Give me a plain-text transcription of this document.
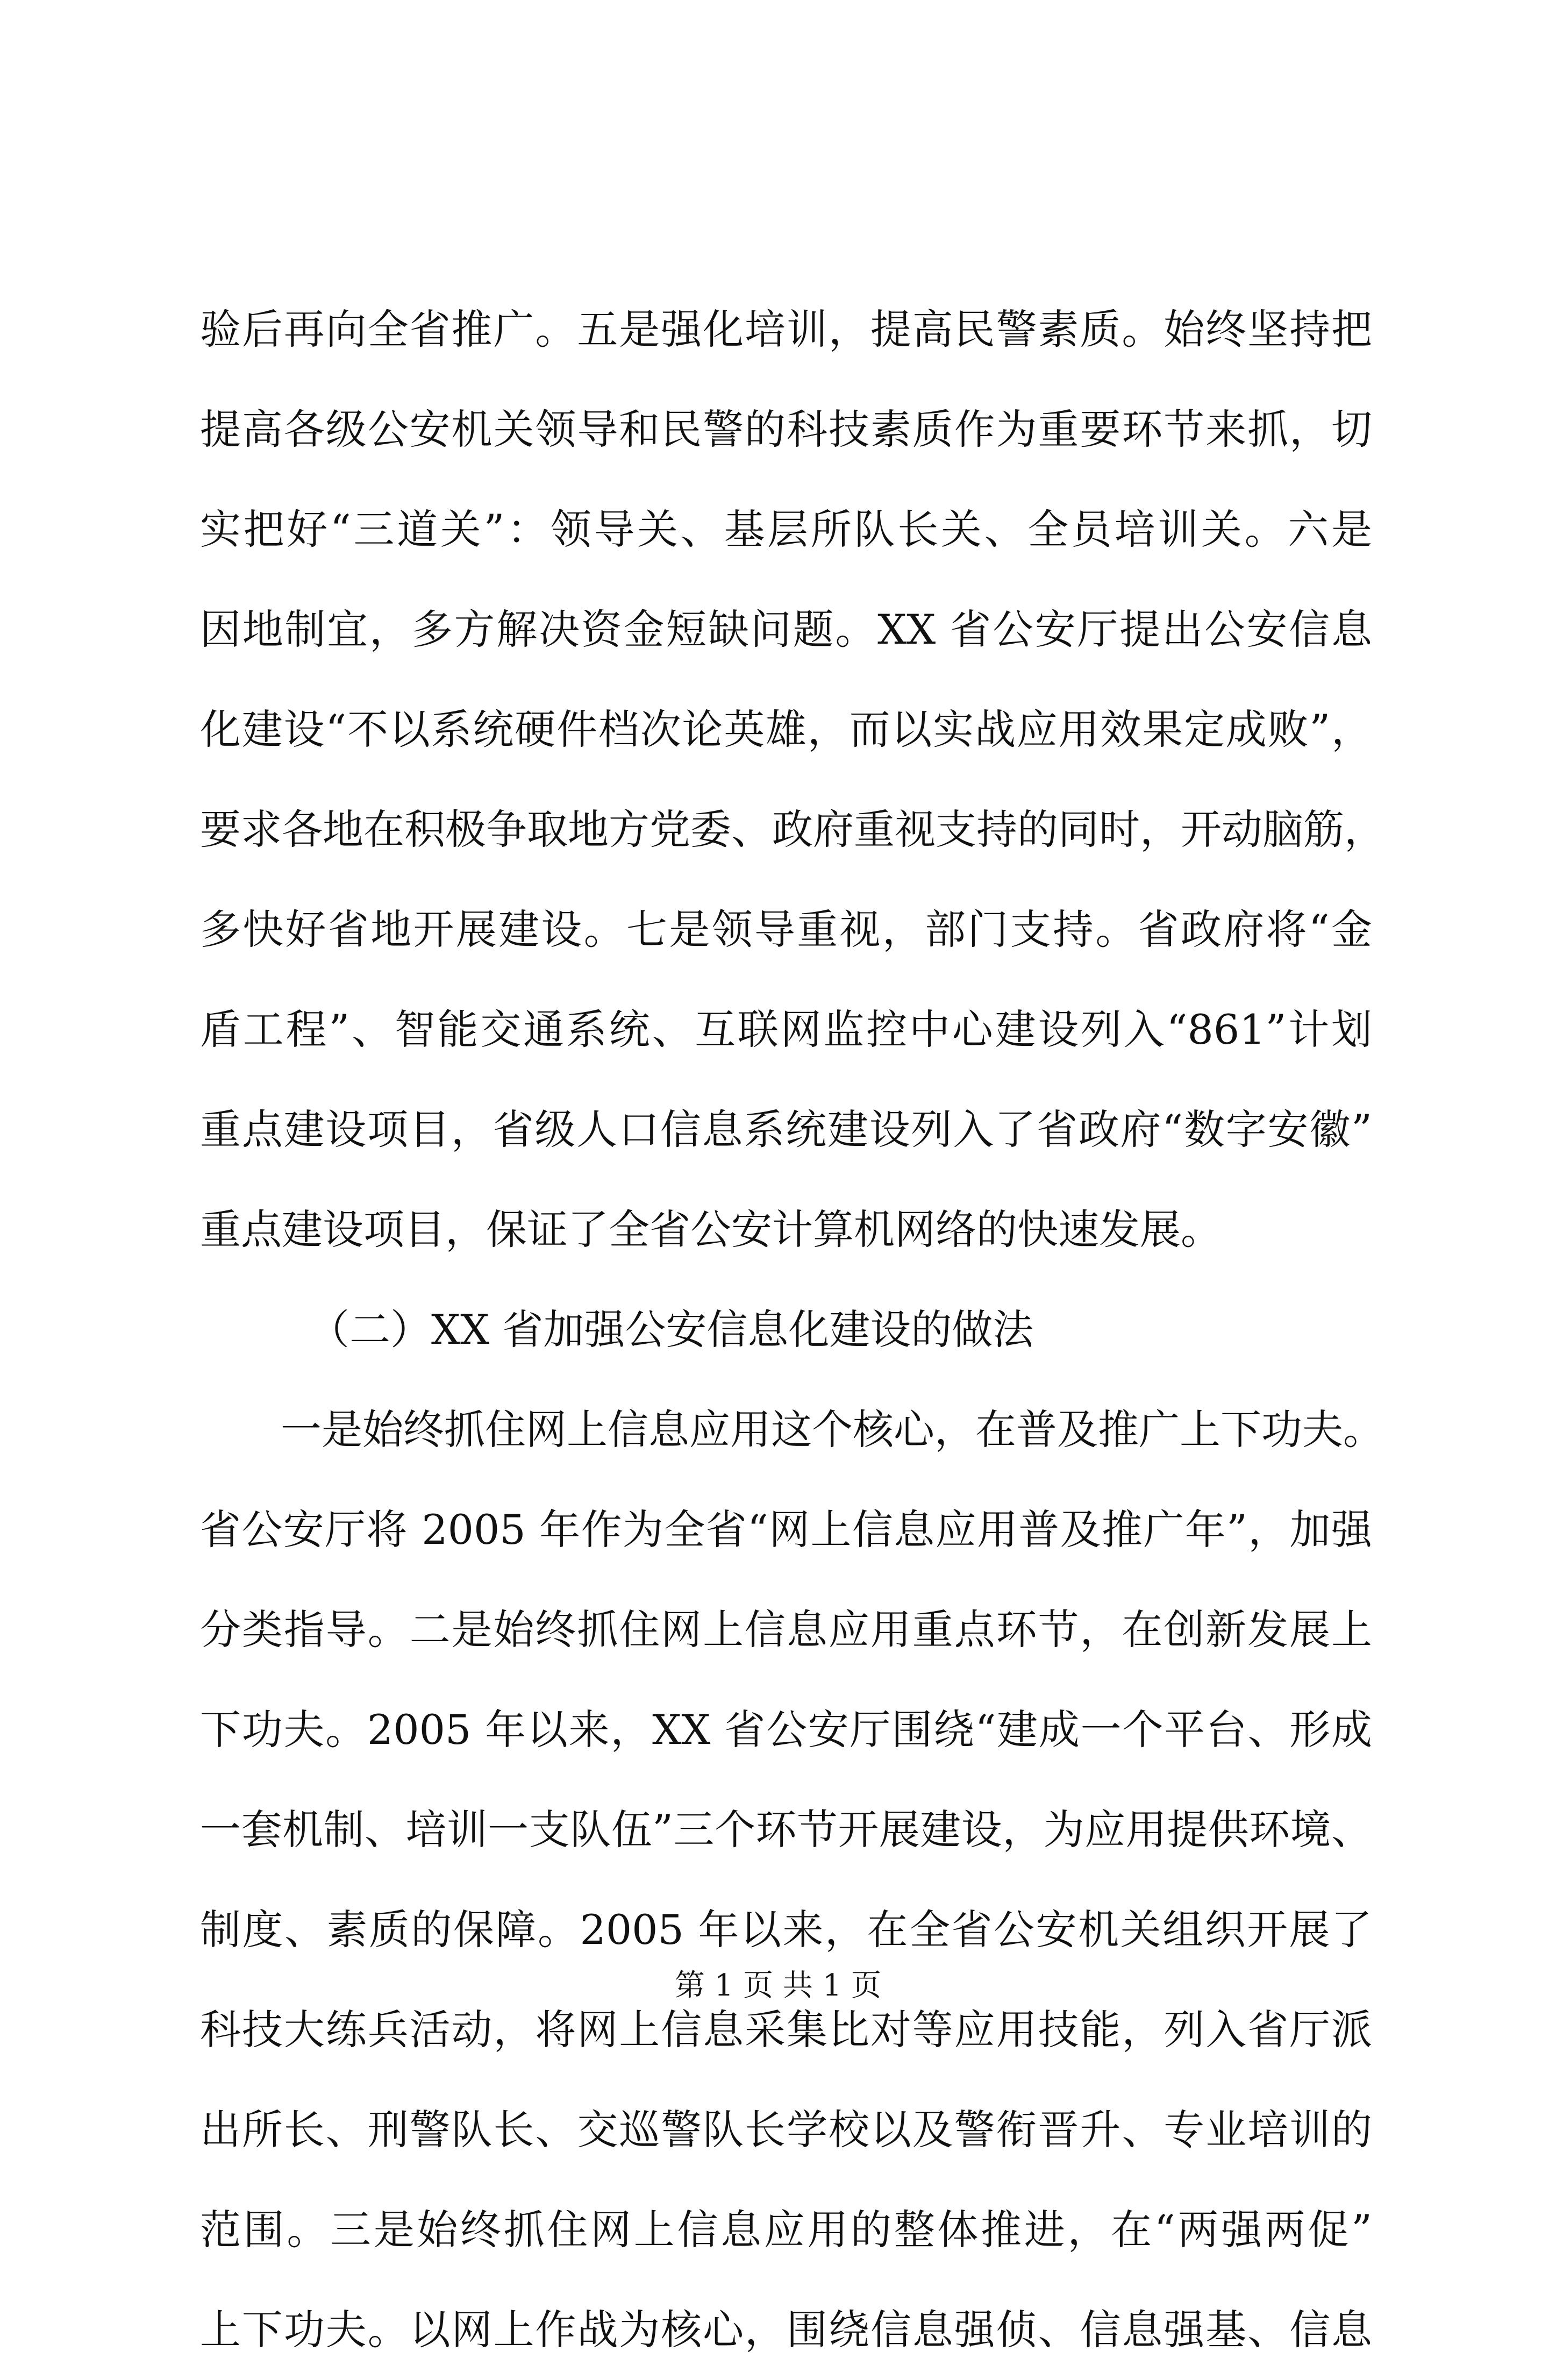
验后再向全省推广。五是强化培训，提高民警素质。始终坚持把
提高各级公安机关领导和民警的科技素质作为重要环节来抓，切
实把好“三道关”：领导关、基层所队长关、全员培训关。六是
因地制宜，多方解决资金短缺问题。XX 省公安厅提出公安信息
化建设“不以系统硬件档次论英雄，而以实战应用效果定成败”，
要求各地在积极争取地方党委、政府重视支持的同时，开动脑筋，
多快好省地开展建设。七是领导重视，部门支持。省政府将“金
盾工程”、智能交通系统、互联网监控中心建设列入“861”计划
重点建设项目，省级人口信息系统建设列入了省政府“数字安徽”
重点建设项目，保证了全省公安计算机网络的快速发展。
（二）XX 省加强公安信息化建设的做法
一是始终抓住网上信息应用这个核心，在普及推广上下功夫。
省公安厅将 2005 年作为全省“网上信息应用普及推广年”，加强
分类指导。二是始终抓住网上信息应用重点环节，在创新发展上
下功夫。2005 年以来，XX 省公安厅围绕“建成一个平台、形成
一套机制、培训一支队伍”三个环节开展建设，为应用提供环境、
制度、素质的保障。2005 年以来，在全省公安机关组织开展了
科技大练兵活动，将网上信息采集比对等应用技能，列入省厅派
出所长、刑警队长、交巡警队长学校以及警衔晋升、专业培训的
范围。三是始终抓住网上信息应用的整体推进，在“两强两促”
上下功夫。以网上作战为核心，围绕信息强侦、信息强基、信息
第 1 页 共 1 页
